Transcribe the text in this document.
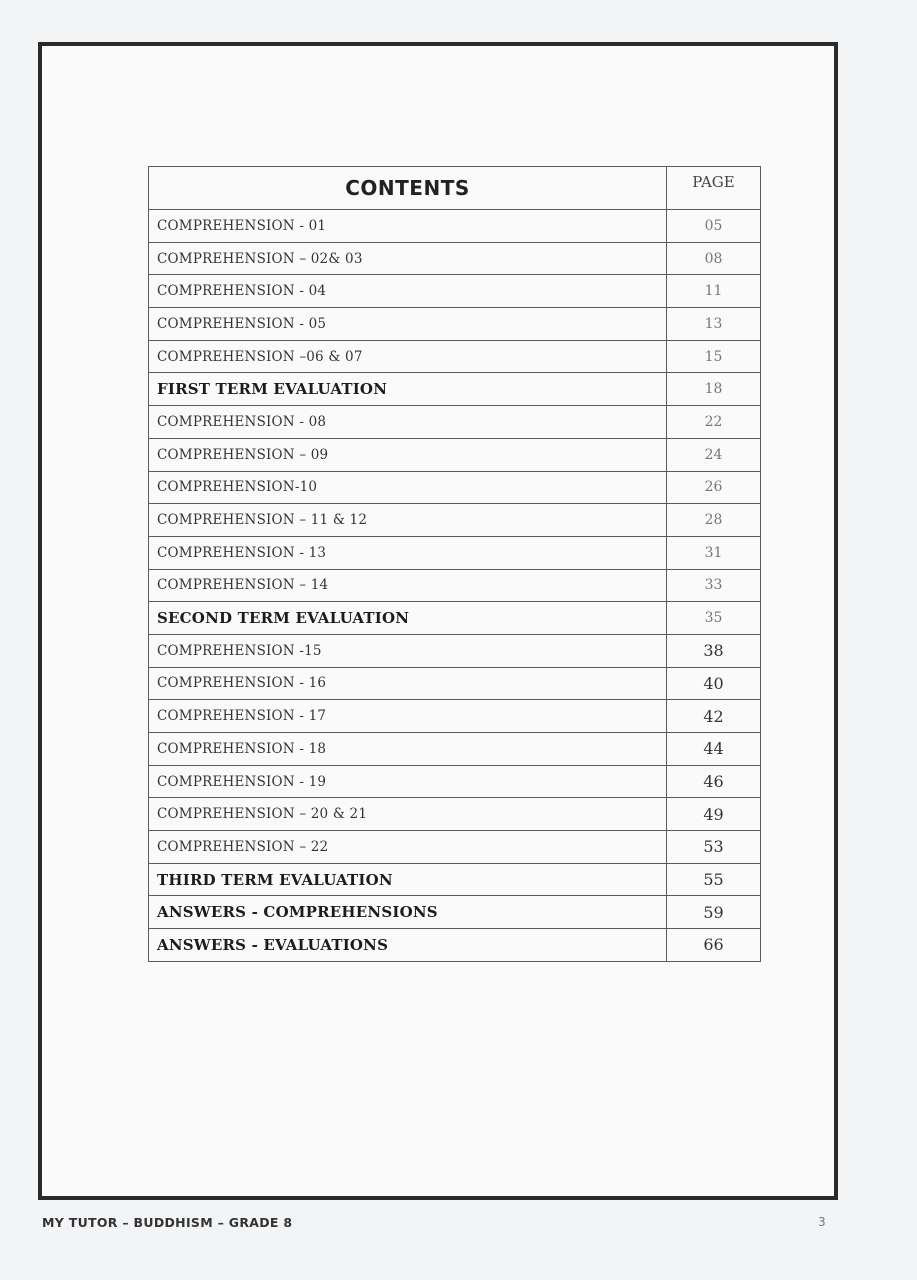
CONTENTS	PAGE
COMPREHENSION - 01	05
COMPREHENSION – 02& 03	08
COMPREHENSION - 04	11
COMPREHENSION - 05	13
COMPREHENSION –06 & 07	15
FIRST TERM EVALUATION	18
COMPREHENSION - 08	22
COMPREHENSION – 09	24
COMPREHENSION-10	26
COMPREHENSION – 11 & 12	28
COMPREHENSION - 13	31
COMPREHENSION – 14	33
SECOND TERM EVALUATION	35
COMPREHENSION -15	38
COMPREHENSION - 16	40
COMPREHENSION - 17	42
COMPREHENSION - 18	44
COMPREHENSION - 19	46
COMPREHENSION – 20 & 21	49
COMPREHENSION – 22	53
THIRD TERM EVALUATION	55
ANSWERS - COMPREHENSIONS	59
ANSWERS - EVALUATIONS	66
MY TUTOR – BUDDHISM – GRADE 8	3
